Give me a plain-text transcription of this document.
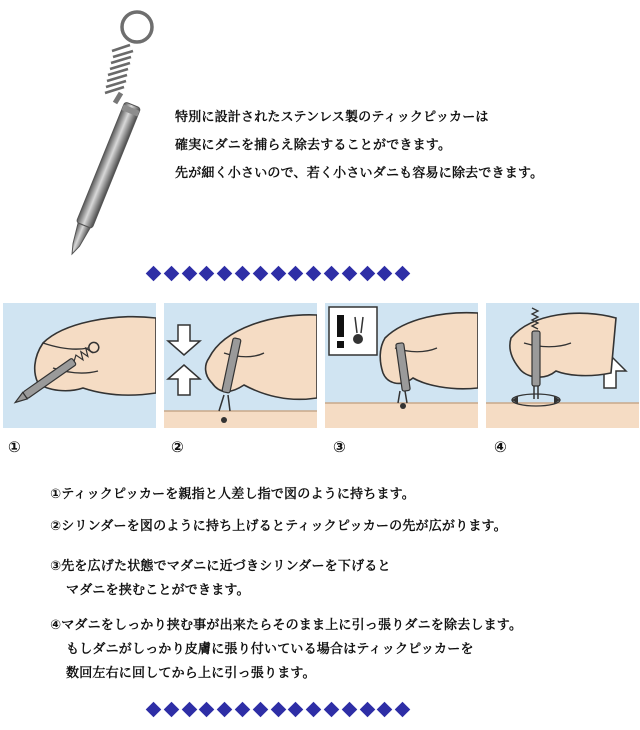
特別に設計されたステンレス製のティックピッカーは
確実にダニを捕らえ除去することができます。
先が細く小さいので、若く小さいダニも容易に除去できます。
①	②	③	④
①ティックピッカーを親指と人差し指で図のように持ちます。
②シリンダーを図のように持ち上げるとティックピッカーの先が広がります。
③先を広げた状態でマダニに近づきシリンダーを下げると
マダニを挟むことができます。
④マダニをしっかり挟む事が出来たらそのまま上に引っ張りダニを除去します。
もしダニがしっかり皮膚に張り付いている場合はティックピッカーを
数回左右に回してから上に引っ張ります。
